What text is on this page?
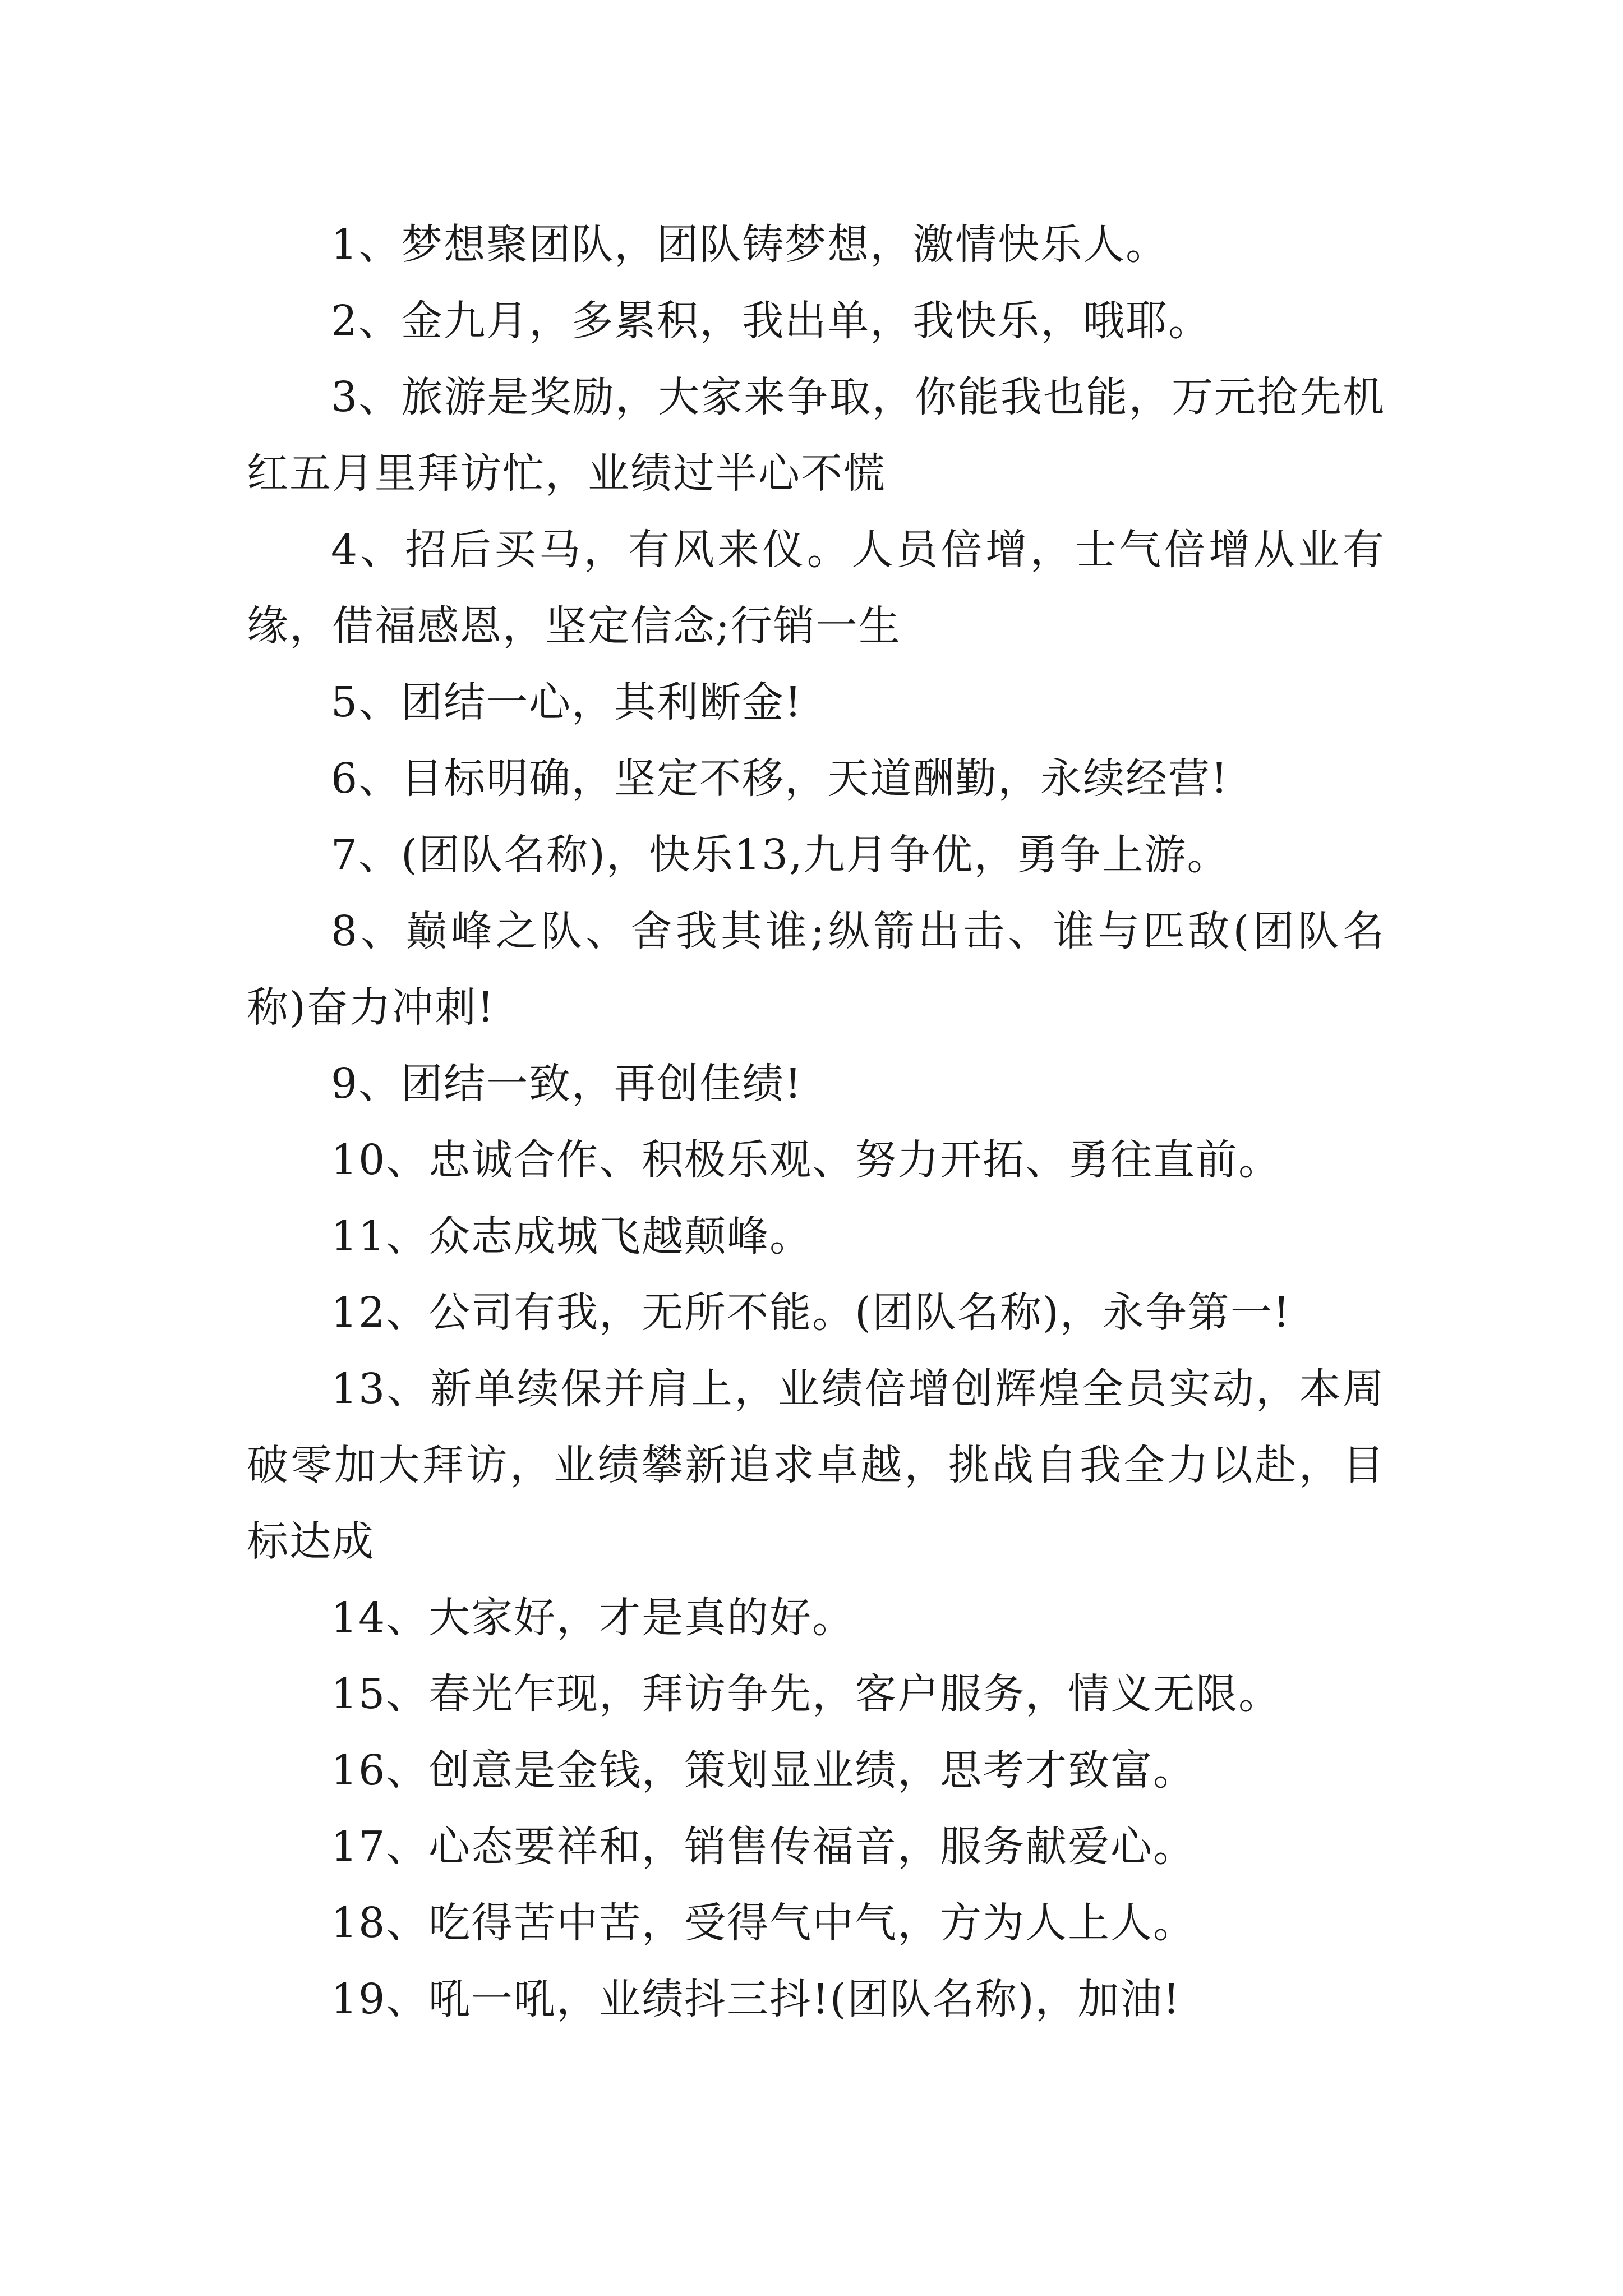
1、梦想聚团队，团队铸梦想，激情快乐人。

2、金九月，多累积，我出单，我快乐，哦耶。

3、旅游是奖励，大家来争取，你能我也能，万元抢先机红五月里拜访忙，业绩过半心不慌

4、招后买马，有风来仪。人员倍增，士气倍增从业有缘，借福感恩，坚定信念;行销一生

5、团结一心，其利断金!

6、目标明确，坚定不移，天道酬勤，永续经营!

7、(团队名称)，快乐13,九月争优，勇争上游。

8、巅峰之队、舍我其谁;纵箭出击、谁与匹敌(团队名称)奋力冲刺!

9、团结一致，再创佳绩!

10、忠诚合作、积极乐观、努力开拓、勇往直前。

11、众志成城飞越颠峰。

12、公司有我，无所不能。(团队名称)，永争第一!

13、新单续保并肩上，业绩倍增创辉煌全员实动，本周破零加大拜访，业绩攀新追求卓越，挑战自我全力以赴，目标达成

14、大家好，才是真的好。

15、春光乍现，拜访争先，客户服务，情义无限。

16、创意是金钱，策划显业绩，思考才致富。

17、心态要祥和，销售传福音，服务献爱心。

18、吃得苦中苦，受得气中气，方为人上人。

19、吼一吼，业绩抖三抖!(团队名称)，加油!
